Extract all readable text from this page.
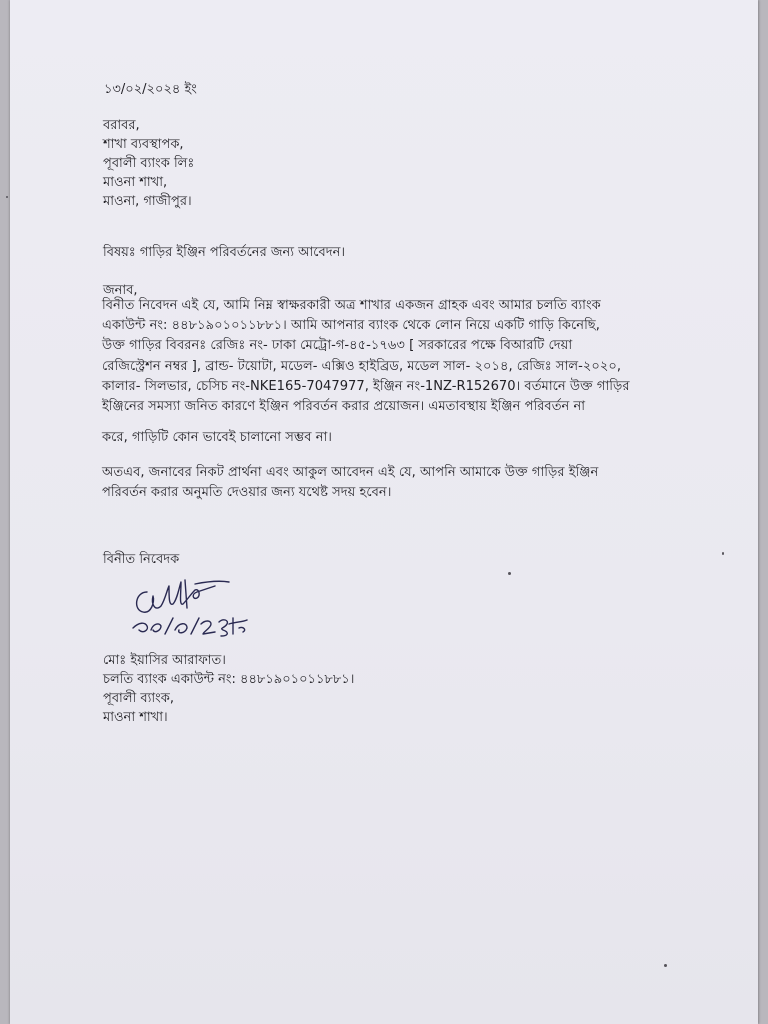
১৩/০২/২০২৪ ইং
বরাবর,
শাখা ব্যবস্থাপক,
পূবালী ব্যাংক লিঃ
মাওনা শাখা,
মাওনা, গাজীপুর।
বিষয়ঃ গাড়ির ইঞ্জিন পরিবর্তনের জন্য আবেদন।
জনাব,
বিনীত নিবেদন এই যে, আমি নিম্ন স্বাক্ষরকারী অত্র শাখার একজন গ্রাহক এবং আমার চলতি ব্যাংক
একাউন্ট নং: ৪৪৮১৯০১০১১৮৮১। আমি আপনার ব্যাংক থেকে লোন নিয়ে একটি গাড়ি কিনেছি,
উক্ত গাড়ির বিবরনঃ রেজিঃ নং- ঢাকা মেট্রো-গ-৪৫-১৭৬৩ [ সরকারের পক্ষে বিআরটি দেয়া
রেজিস্ট্রেশন নম্বর ], ব্রান্ড- টয়োটা, মডেল- এক্সিও হাইব্রিড, মডেল সাল- ২০১৪, রেজিঃ সাল-২০২০,
কালার- সিলভার, চেসিচ নং-NKE165-7047977, ইঞ্জিন নং-1NZ-R152670। বর্তমানে উক্ত গাড়ির
ইঞ্জিনের সমস্যা জনিত কারণে ইঞ্জিন পরিবর্তন করার প্রয়োজন। এমতাবস্থায় ইঞ্জিন পরিবর্তন না
করে, গাড়িটি কোন ভাবেই চালানো সম্ভব না।
অতএব, জনাবের নিকট প্রার্থনা এবং আকুল আবেদন এই যে, আপনি আমাকে উক্ত গাড়ির ইঞ্জিন
পরিবর্তন করার অনুমতি দেওয়ার জন্য যথেষ্ট সদয় হবেন।
বিনীত নিবেদক
মোঃ ইয়াসির আরাফাত।
চলতি ব্যাংক একাউন্ট নং: ৪৪৮১৯০১০১১৮৮১।
পূবালী ব্যাংক,
মাওনা শাখা।
